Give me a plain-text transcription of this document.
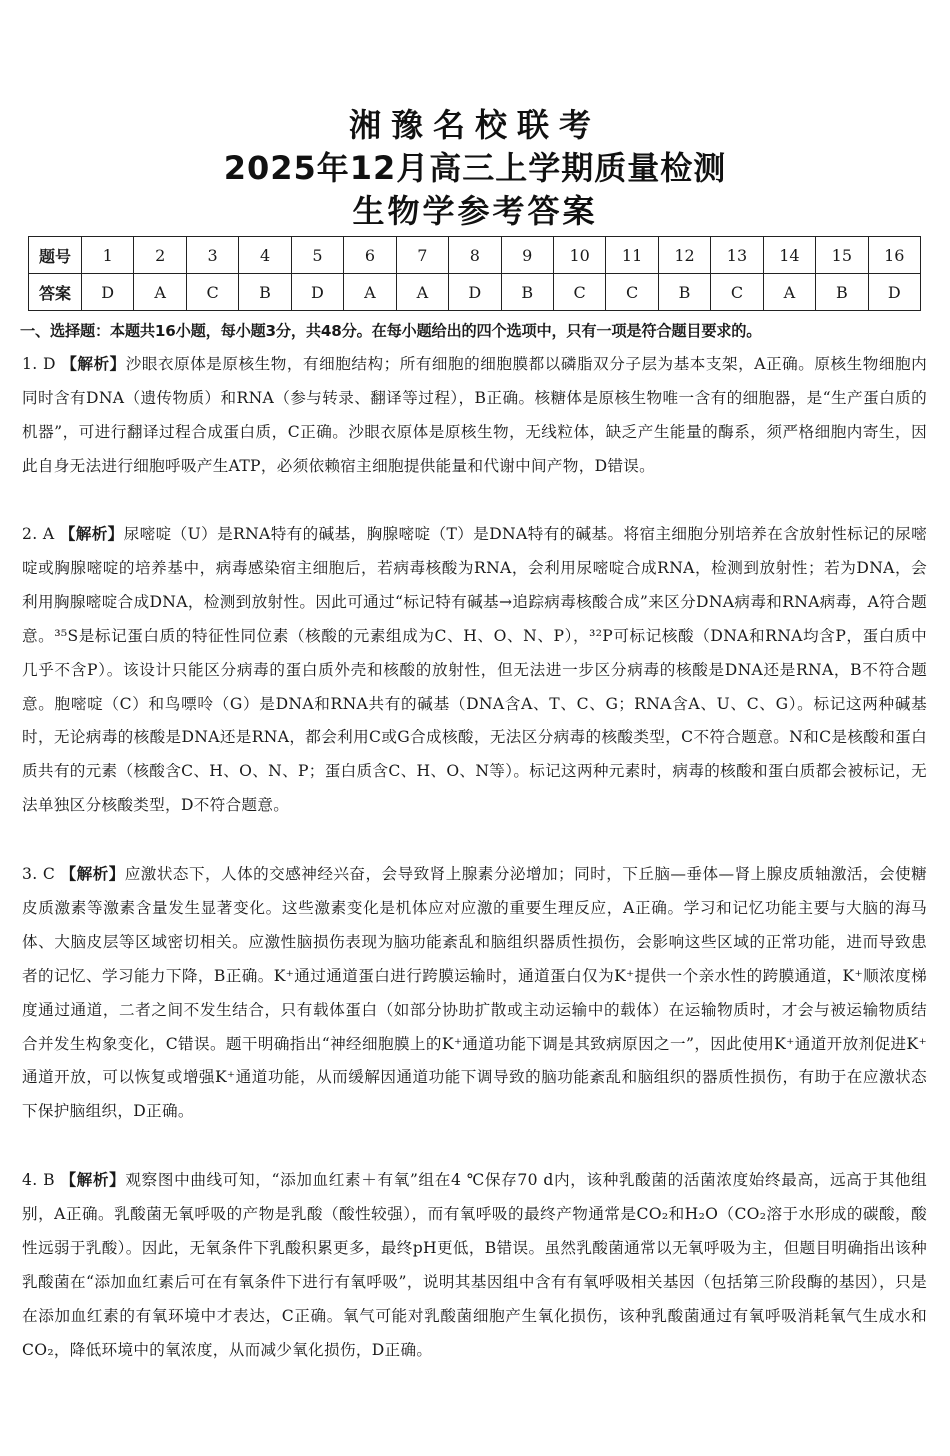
湘豫名校联考
2025年12月高三上学期质量检测
生物学参考答案
题号	1	2	3	4	5	6	7	8	9	10	11	12	13	14	15	16
答案	D	A	C	B	D	A	A	D	B	C	C	B	C	A	B	D
一、选择题：本题共16小题，每小题3分，共48分。在每小题给出的四个选项中，只有一项是符合题目要求的。
1. D 【解析】沙眼衣原体是原核生物，有细胞结构；所有细胞的细胞膜都以磷脂双分子层为基本支架，A正确。原核生物细胞内同时含有DNA（遗传物质）和RNA（参与转录、翻译等过程），B正确。核糖体是原核生物唯一含有的细胞器，是“生产蛋白质的机器”，可进行翻译过程合成蛋白质，C正确。沙眼衣原体是原核生物，无线粒体，缺乏产生能量的酶系，须严格细胞内寄生，因此自身无法进行细胞呼吸产生ATP，必须依赖宿主细胞提供能量和代谢中间产物，D错误。
2. A 【解析】尿嘧啶（U）是RNA特有的碱基，胸腺嘧啶（T）是DNA特有的碱基。将宿主细胞分别培养在含放射性标记的尿嘧啶或胸腺嘧啶的培养基中，病毒感染宿主细胞后，若病毒核酸为RNA，会利用尿嘧啶合成RNA，检测到放射性；若为DNA，会利用胸腺嘧啶合成DNA，检测到放射性。因此可通过“标记特有碱基→追踪病毒核酸合成”来区分DNA病毒和RNA病毒，A符合题意。³⁵S是标记蛋白质的特征性同位素（核酸的元素组成为C、H、O、N、P），³²P可标记核酸（DNA和RNA均含P，蛋白质中几乎不含P）。该设计只能区分病毒的蛋白质外壳和核酸的放射性，但无法进一步区分病毒的核酸是DNA还是RNA，B不符合题意。胞嘧啶（C）和鸟嘌呤（G）是DNA和RNA共有的碱基（DNA含A、T、C、G；RNA含A、U、C、G）。标记这两种碱基时，无论病毒的核酸是DNA还是RNA，都会利用C或G合成核酸，无法区分病毒的核酸类型，C不符合题意。N和C是核酸和蛋白质共有的元素（核酸含C、H、O、N、P；蛋白质含C、H、O、N等）。标记这两种元素时，病毒的核酸和蛋白质都会被标记，无法单独区分核酸类型，D不符合题意。
3. C 【解析】应激状态下，人体的交感神经兴奋，会导致肾上腺素分泌增加；同时，下丘脑—垂体—肾上腺皮质轴激活，会使糖皮质激素等激素含量发生显著变化。这些激素变化是机体应对应激的重要生理反应，A正确。学习和记忆功能主要与大脑的海马体、大脑皮层等区域密切相关。应激性脑损伤表现为脑功能紊乱和脑组织器质性损伤，会影响这些区域的正常功能，进而导致患者的记忆、学习能力下降，B正确。K⁺通过通道蛋白进行跨膜运输时，通道蛋白仅为K⁺提供一个亲水性的跨膜通道，K⁺顺浓度梯度通过通道，二者之间不发生结合，只有载体蛋白（如部分协助扩散或主动运输中的载体）在运输物质时，才会与被运输物质结合并发生构象变化，C错误。题干明确指出“神经细胞膜上的K⁺通道功能下调是其致病原因之一”，因此使用K⁺通道开放剂促进K⁺通道开放，可以恢复或增强K⁺通道功能，从而缓解因通道功能下调导致的脑功能紊乱和脑组织的器质性损伤，有助于在应激状态下保护脑组织，D正确。
4. B 【解析】观察图中曲线可知，“添加血红素＋有氧”组在4 ℃保存70 d内，该种乳酸菌的活菌浓度始终最高，远高于其他组别，A正确。乳酸菌无氧呼吸的产物是乳酸（酸性较强），而有氧呼吸的最终产物通常是CO₂和H₂O（CO₂溶于水形成的碳酸，酸性远弱于乳酸）。因此，无氧条件下乳酸积累更多，最终pH更低，B错误。虽然乳酸菌通常以无氧呼吸为主，但题目明确指出该种乳酸菌在“添加血红素后可在有氧条件下进行有氧呼吸”，说明其基因组中含有有氧呼吸相关基因（包括第三阶段酶的基因），只是在添加血红素的有氧环境中才表达，C正确。氧气可能对乳酸菌细胞产生氧化损伤，该种乳酸菌通过有氧呼吸消耗氧气生成水和CO₂，降低环境中的氧浓度，从而减少氧化损伤，D正确。
